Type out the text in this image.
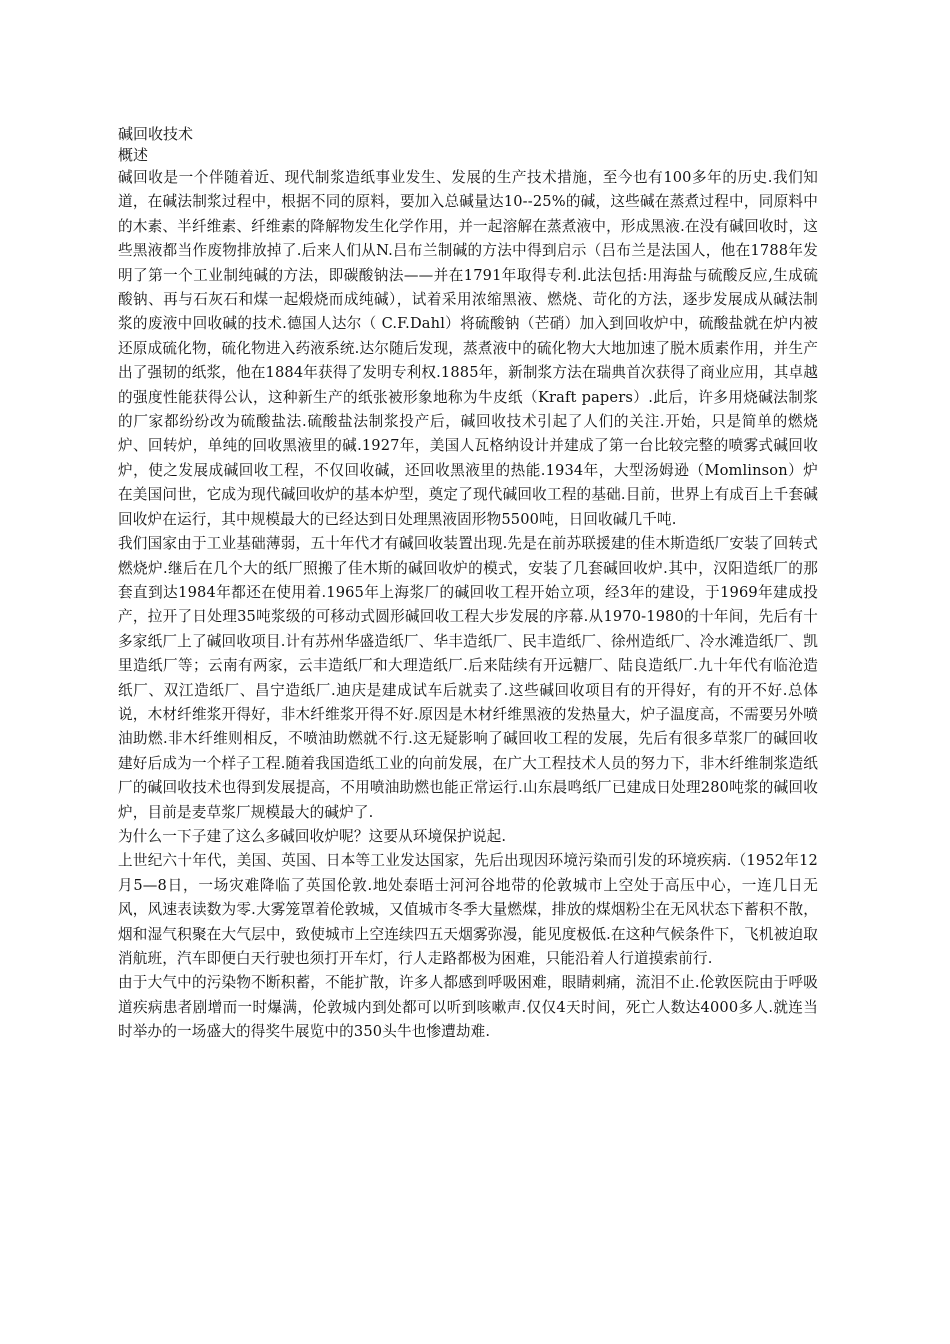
碱回收技术
概述

碱回收是一个伴随着近、现代制浆造纸事业发生、发展的生产技术措施，至今也有100多年的历史.我们知道，在碱法制浆过程中，根据不同的原料，要加入总碱量达10--25%的碱，这些碱在蒸煮过程中，同原料中的木素、半纤维素、纤维素的降解物发生化学作用，并一起溶解在蒸煮液中，形成黑液.在没有碱回收时，这些黑液都当作废物排放掉了.后来人们从N.吕布兰制碱的方法中得到启示（吕布兰是法国人，他在1788年发明了第一个工业制纯碱的方法，即碳酸钠法——并在1791年取得专利.此法包括:用海盐与硫酸反应,生成硫酸钠、再与石灰石和煤一起煅烧而成纯碱），试着采用浓缩黑液、燃烧、苛化的方法，逐步发展成从碱法制浆的废液中回收碱的技术.德国人达尔（ C.F.Dahl）将硫酸钠（芒硝）加入到回收炉中，硫酸盐就在炉内被还原成硫化物，硫化物进入药液系统.达尔随后发现，蒸煮液中的硫化物大大地加速了脱木质素作用，并生产出了强韧的纸浆，他在1884年获得了发明专利权.1885年，新制浆方法在瑞典首次获得了商业应用，其卓越的强度性能获得公认，这种新生产的纸张被形象地称为牛皮纸（Kraft papers）.此后，许多用烧碱法制浆的厂家都纷纷改为硫酸盐法.硫酸盐法制浆投产后，碱回收技术引起了人们的关注.开始，只是简单的燃烧炉、回转炉，单纯的回收黑液里的碱.1927年，美国人瓦格纳设计并建成了第一台比较完整的喷雾式碱回收炉，使之发展成碱回收工程，不仅回收碱，还回收黑液里的热能.1934年，大型汤姆逊（Momlinson）炉在美国问世，它成为现代碱回收炉的基本炉型，奠定了现代碱回收工程的基础.目前，世界上有成百上千套碱回收炉在运行，其中规模最大的已经达到日处理黑液固形物5500吨，日回收碱几千吨.

我们国家由于工业基础薄弱，五十年代才有碱回收装置出现.先是在前苏联援建的佳木斯造纸厂安装了回转式燃烧炉.继后在几个大的纸厂照搬了佳木斯的碱回收炉的模式，安装了几套碱回收炉.其中，汉阳造纸厂的那套直到达1984年都还在使用着.1965年上海浆厂的碱回收工程开始立项，经3年的建设，于1969年建成投产，拉开了日处理35吨浆级的可移动式圆形碱回收工程大步发展的序幕.从1970-1980的十年间，先后有十多家纸厂上了碱回收项目.计有苏州华盛造纸厂、华丰造纸厂、民丰造纸厂、徐州造纸厂、冷水滩造纸厂、凯里造纸厂等；云南有两家，云丰造纸厂和大理造纸厂.后来陆续有开远糖厂、陆良造纸厂.九十年代有临沧造纸厂、双江造纸厂、昌宁造纸厂.迪庆是建成试车后就卖了.这些碱回收项目有的开得好，有的开不好.总体说，木材纤维浆开得好，非木纤维浆开得不好.原因是木材纤维黑液的发热量大，炉子温度高，不需要另外喷油助燃.非木纤维则相反，不喷油助燃就不行.这无疑影响了碱回收工程的发展，先后有很多草浆厂的碱回收建好后成为一个样子工程.随着我国造纸工业的向前发展，在广大工程技术人员的努力下，非木纤维制浆造纸厂的碱回收技术也得到发展提高，不用喷油助燃也能正常运行.山东晨鸣纸厂已建成日处理280吨浆的碱回收炉，目前是麦草浆厂规模最大的碱炉了.

为什么一下子建了这么多碱回收炉呢？这要从环境保护说起.

上世纪六十年代，美国、英国、日本等工业发达国家，先后出现因环境污染而引发的环境疾病.（1952年12月5—8日，一场灾难降临了英国伦敦.地处泰晤士河河谷地带的伦敦城市上空处于高压中心，一连几日无风，风速表读数为零.大雾笼罩着伦敦城，又值城市冬季大量燃煤，排放的煤烟粉尘在无风状态下蓄积不散，烟和湿气积聚在大气层中，致使城市上空连续四五天烟雾弥漫，能见度极低.在这种气候条件下，飞机被迫取消航班，汽车即便白天行驶也须打开车灯，行人走路都极为困难，只能沿着人行道摸索前行.

由于大气中的污染物不断积蓄，不能扩散，许多人都感到呼吸困难，眼睛刺痛，流泪不止.伦敦医院由于呼吸道疾病患者剧增而一时爆满，伦敦城内到处都可以听到咳嗽声.仅仅4天时间，死亡人数达4000多人.就连当时举办的一场盛大的得奖牛展览中的350头牛也惨遭劫难.
